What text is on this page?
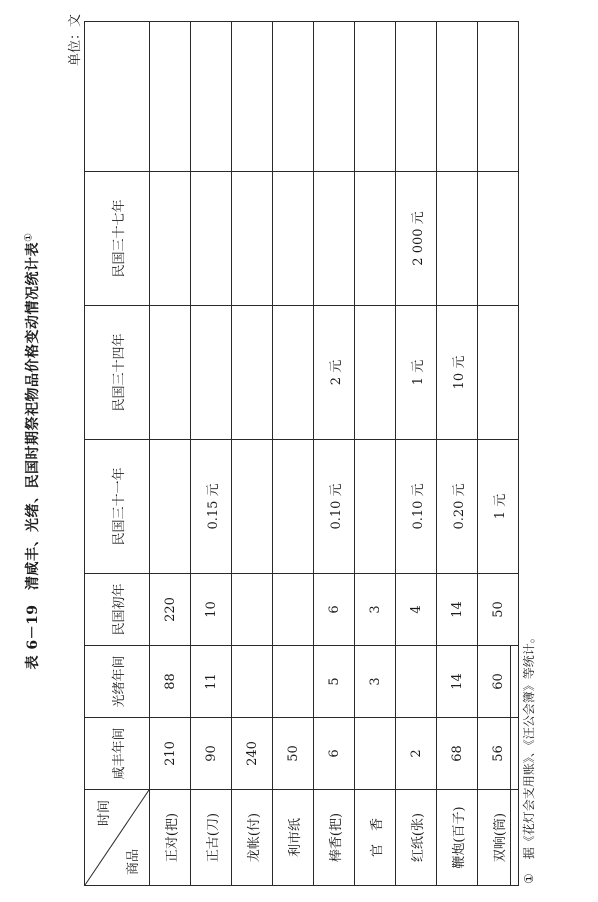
表 6－19　清咸丰、光绪、民国时期祭祀物品价格变动情况统计表①
单位：文
时间
商品	咸丰年间	光绪年间	民国初年	民国三十一年	民国三十四年	民国三十七年	
正对(把)	210	88	220				
正古(刀)	90	11	10	0.15 元			
龙帐(付)	240						
利市纸	50						
棒香(把)	6	5	6	0.10 元	2 元		
官　香		3	3				
红纸(张)	2		4	0.10 元	1 元	2 000 元	
鞭炮(百子)	68	14	14	0.20 元	10 元		
双响(筒)	56	60	50	1 元			
①据《花灯会支用账》、《汪公会簿》等统计。
